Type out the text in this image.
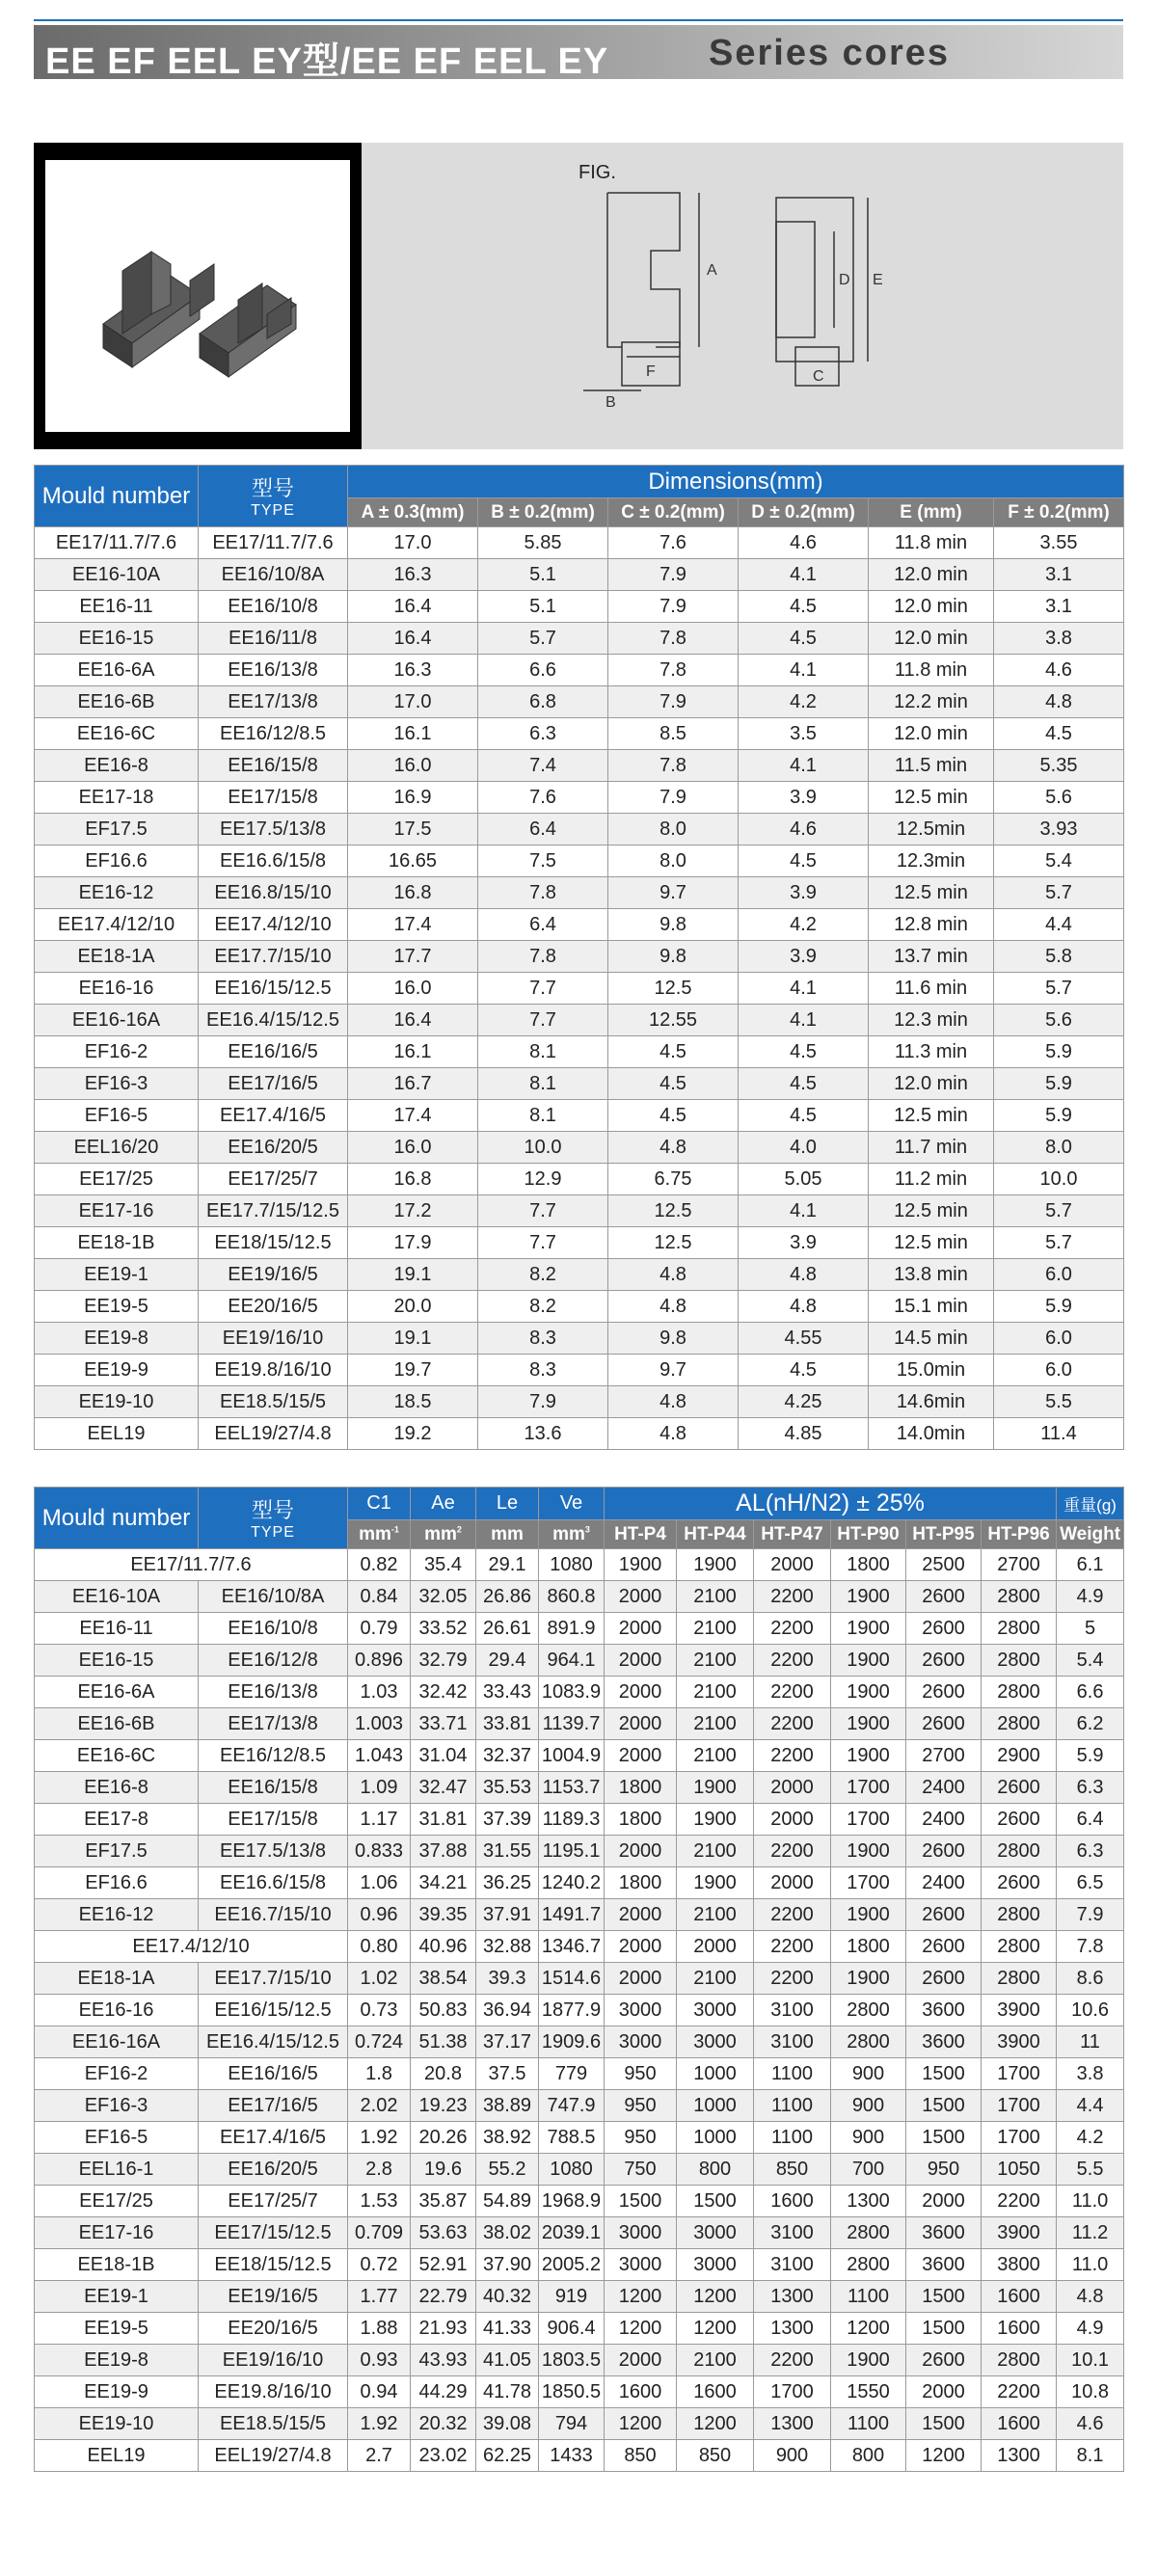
EE EF EEL EY型/EE EF EEL EY	Series cores
FIG.
A
B
C
D E
F
Mould number	型号
TYPE	Dimensions(mm)					
		A ± 0.3(mm)	B ± 0.2(mm)	C ± 0.2(mm)	D ± 0.2(mm)	E (mm)	F ± 0.2(mm)
EE17/11.7/7.6	EE17/11.7/7.6	17.0	5.85	7.6	4.6	11.8 min	3.55
EE16-10A	EE16/10/8A	16.3	5.1	7.9	4.1	12.0 min	3.1
EE16-11	EE16/10/8	16.4	5.1	7.9	4.5	12.0 min	3.1
EE16-15	EE16/11/8	16.4	5.7	7.8	4.5	12.0 min	3.8
EE16-6A	EE16/13/8	16.3	6.6	7.8	4.1	11.8 min	4.6
EE16-6B	EE17/13/8	17.0	6.8	7.9	4.2	12.2 min	4.8
EE16-6C	EE16/12/8.5	16.1	6.3	8.5	3.5	12.0 min	4.5
EE16-8	EE16/15/8	16.0	7.4	7.8	4.1	11.5 min	5.35
EE17-18	EE17/15/8	16.9	7.6	7.9	3.9	12.5 min	5.6
EF17.5	EE17.5/13/8	17.5	6.4	8.0	4.6	12.5min	3.93
EF16.6	EE16.6/15/8	16.65	7.5	8.0	4.5	12.3min	5.4
EE16-12	EE16.8/15/10	16.8	7.8	9.7	3.9	12.5 min	5.7
EE17.4/12/10	EE17.4/12/10	17.4	6.4	9.8	4.2	12.8 min	4.4
EE18-1A	EE17.7/15/10	17.7	7.8	9.8	3.9	13.7 min	5.8
EE16-16	EE16/15/12.5	16.0	7.7	12.5	4.1	11.6 min	5.7
EE16-16A	EE16.4/15/12.5	16.4	7.7	12.55	4.1	12.3 min	5.6
EF16-2	EE16/16/5	16.1	8.1	4.5	4.5	11.3 min	5.9
EF16-3	EE17/16/5	16.7	8.1	4.5	4.5	12.0 min	5.9
EF16-5	EE17.4/16/5	17.4	8.1	4.5	4.5	12.5 min	5.9
EEL16/20	EE16/20/5	16.0	10.0	4.8	4.0	11.7 min	8.0
EE17/25	EE17/25/7	16.8	12.9	6.75	5.05	11.2 min	10.0
EE17-16	EE17.7/15/12.5	17.2	7.7	12.5	4.1	12.5 min	5.7
EE18-1B	EE18/15/12.5	17.9	7.7	12.5	3.9	12.5 min	5.7
EE19-1	EE19/16/5	19.1	8.2	4.8	4.8	13.8 min	6.0
EE19-5	EE20/16/5	20.0	8.2	4.8	4.8	15.1 min	5.9
EE19-8	EE19/16/10	19.1	8.3	9.8	4.55	14.5 min	6.0
EE19-9	EE19.8/16/10	19.7	8.3	9.7	4.5	15.0min	6.0
EE19-10	EE18.5/15/5	18.5	7.9	4.8	4.25	14.6min	5.5
EEL19	EEL19/27/4.8	19.2	13.6	4.8	4.85	14.0min	11.4
Mould number	型号
TYPE	C1	Ae	Le	Ve	AL(nH/N2) ± 25%						重量(g)
		$mm^{-1}$	$mm^2$	mm	$mm^3$	HT-P4	HT-P44	HT-P47	HT-P90	HT-P95	HT-P96	Weight
EE17/11.7/7.6		0.82	35.4	29.1	1080	1900	1900	2000	1800	2500	2700	6.1
EE16-10A	EE16/10/8A	0.84	32.05	26.86	860.8	2000	2100	2200	1900	2600	2800	4.9
EE16-11	EE16/10/8	0.79	33.52	26.61	891.9	2000	2100	2200	1900	2600	2800	5
EE16-15	EE16/12/8	0.896	32.79	29.4	964.1	2000	2100	2200	1900	2600	2800	5.4
EE16-6A	EE16/13/8	1.03	32.42	33.43	1083.9	2000	2100	2200	1900	2600	2800	6.6
EE16-6B	EE17/13/8	1.003	33.71	33.81	1139.7	2000	2100	2200	1900	2600	2800	6.2
EE16-6C	EE16/12/8.5	1.043	31.04	32.37	1004.9	2000	2100	2200	1900	2700	2900	5.9
EE16-8	EE16/15/8	1.09	32.47	35.53	1153.7	1800	1900	2000	1700	2400	2600	6.3
EE17-8	EE17/15/8	1.17	31.81	37.39	1189.3	1800	1900	2000	1700	2400	2600	6.4
EF17.5	EE17.5/13/8	0.833	37.88	31.55	1195.1	2000	2100	2200	1900	2600	2800	6.3
EF16.6	EE16.6/15/8	1.06	34.21	36.25	1240.2	1800	1900	2000	1700	2400	2600	6.5
EE16-12	EE16.7/15/10	0.96	39.35	37.91	1491.7	2000	2100	2200	1900	2600	2800	7.9
EE17.4/12/10		0.80	40.96	32.88	1346.7	2000	2000	2200	1800	2600	2800	7.8
EE18-1A	EE17.7/15/10	1.02	38.54	39.3	1514.6	2000	2100	2200	1900	2600	2800	8.6
EE16-16	EE16/15/12.5	0.73	50.83	36.94	1877.9	3000	3000	3100	2800	3600	3900	10.6
EE16-16A	EE16.4/15/12.5	0.724	51.38	37.17	1909.6	3000	3000	3100	2800	3600	3900	11
EF16-2	EE16/16/5	1.8	20.8	37.5	779	950	1000	1100	900	1500	1700	3.8
EF16-3	EE17/16/5	2.02	19.23	38.89	747.9	950	1000	1100	900	1500	1700	4.4
EF16-5	EE17.4/16/5	1.92	20.26	38.92	788.5	950	1000	1100	900	1500	1700	4.2
EEL16-1	EE16/20/5	2.8	19.6	55.2	1080	750	800	850	700	950	1050	5.5
EE17/25	EE17/25/7	1.53	35.87	54.89	1968.9	1500	1500	1600	1300	2000	2200	11.0
EE17-16	EE17/15/12.5	0.709	53.63	38.02	2039.1	3000	3000	3100	2800	3600	3900	11.2
EE18-1B	EE18/15/12.5	0.72	52.91	37.90	2005.2	3000	3000	3100	2800	3600	3800	11.0
EE19-1	EE19/16/5	1.77	22.79	40.32	919	1200	1200	1300	1100	1500	1600	4.8
EE19-5	EE20/16/5	1.88	21.93	41.33	906.4	1200	1200	1300	1200	1500	1600	4.9
EE19-8	EE19/16/10	0.93	43.93	41.05	1803.5	2000	2100	2200	1900	2600	2800	10.1
EE19-9	EE19.8/16/10	0.94	44.29	41.78	1850.5	1600	1600	1700	1550	2000	2200	10.8
EE19-10	EE18.5/15/5	1.92	20.32	39.08	794	1200	1200	1300	1100	1500	1600	4.6
EEL19	EEL19/27/4.8	2.7	23.02	62.25	1433	850	850	900	800	1200	1300	8.1
